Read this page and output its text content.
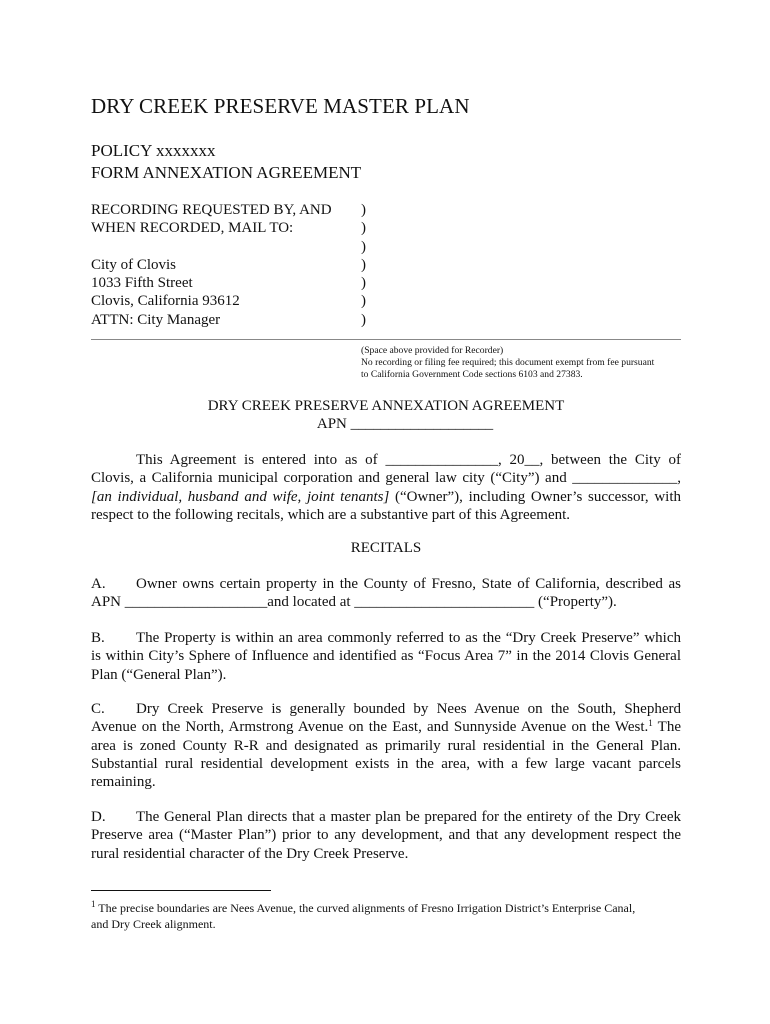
DRY CREEK PRESERVE MASTER PLAN
POLICY xxxxxxx
FORM ANNEXATION AGREEMENT
RECORDING REQUESTED BY, AND
WHEN RECORDED, MAIL TO:

City of Clovis
1033 Fifth Street
Clovis, California 93612
ATTN: City Manager
)
)
)
)
)
)
)
(Space above provided for Recorder)
No recording or filing fee required; this document exempt from fee pursuant
to California Government Code sections 6103 and 27383.
DRY CREEK PRESERVE ANNEXATION AGREEMENT
APN ___________________
This Agreement is entered into as of _______________, 20__, between the City of
Clovis, a California municipal corporation and general law city (“City”) and ______________,
[an individual, husband and wife, joint tenants] (“Owner”), including Owner’s successor, with
respect to the following recitals, which are a substantive part of this Agreement.
RECITALS
A. Owner owns certain property in the County of Fresno, State of California, described as
APN ___________________and located at ________________________ (“Property”).
B. The Property is within an area commonly referred to as the “Dry Creek Preserve” which
is within City’s Sphere of Influence and identified as “Focus Area 7” in the 2014 Clovis General
Plan (“General Plan”).
C. Dry Creek Preserve is generally bounded by Nees Avenue on the South, Shepherd
Avenue on the North, Armstrong Avenue on the East, and Sunnyside Avenue on the West.$^1$ The
area is zoned County R-R and designated as primarily rural residential in the General Plan.
Substantial rural residential development exists in the area, with a few large vacant parcels
remaining.
D. The General Plan directs that a master plan be prepared for the entirety of the Dry Creek
Preserve area (“Master Plan”) prior to any development, and that any development respect the
rural residential character of the Dry Creek Preserve.
$^1$ The precise boundaries are Nees Avenue, the curved alignments of Fresno Irrigation District’s Enterprise Canal,
and Dry Creek alignment.
